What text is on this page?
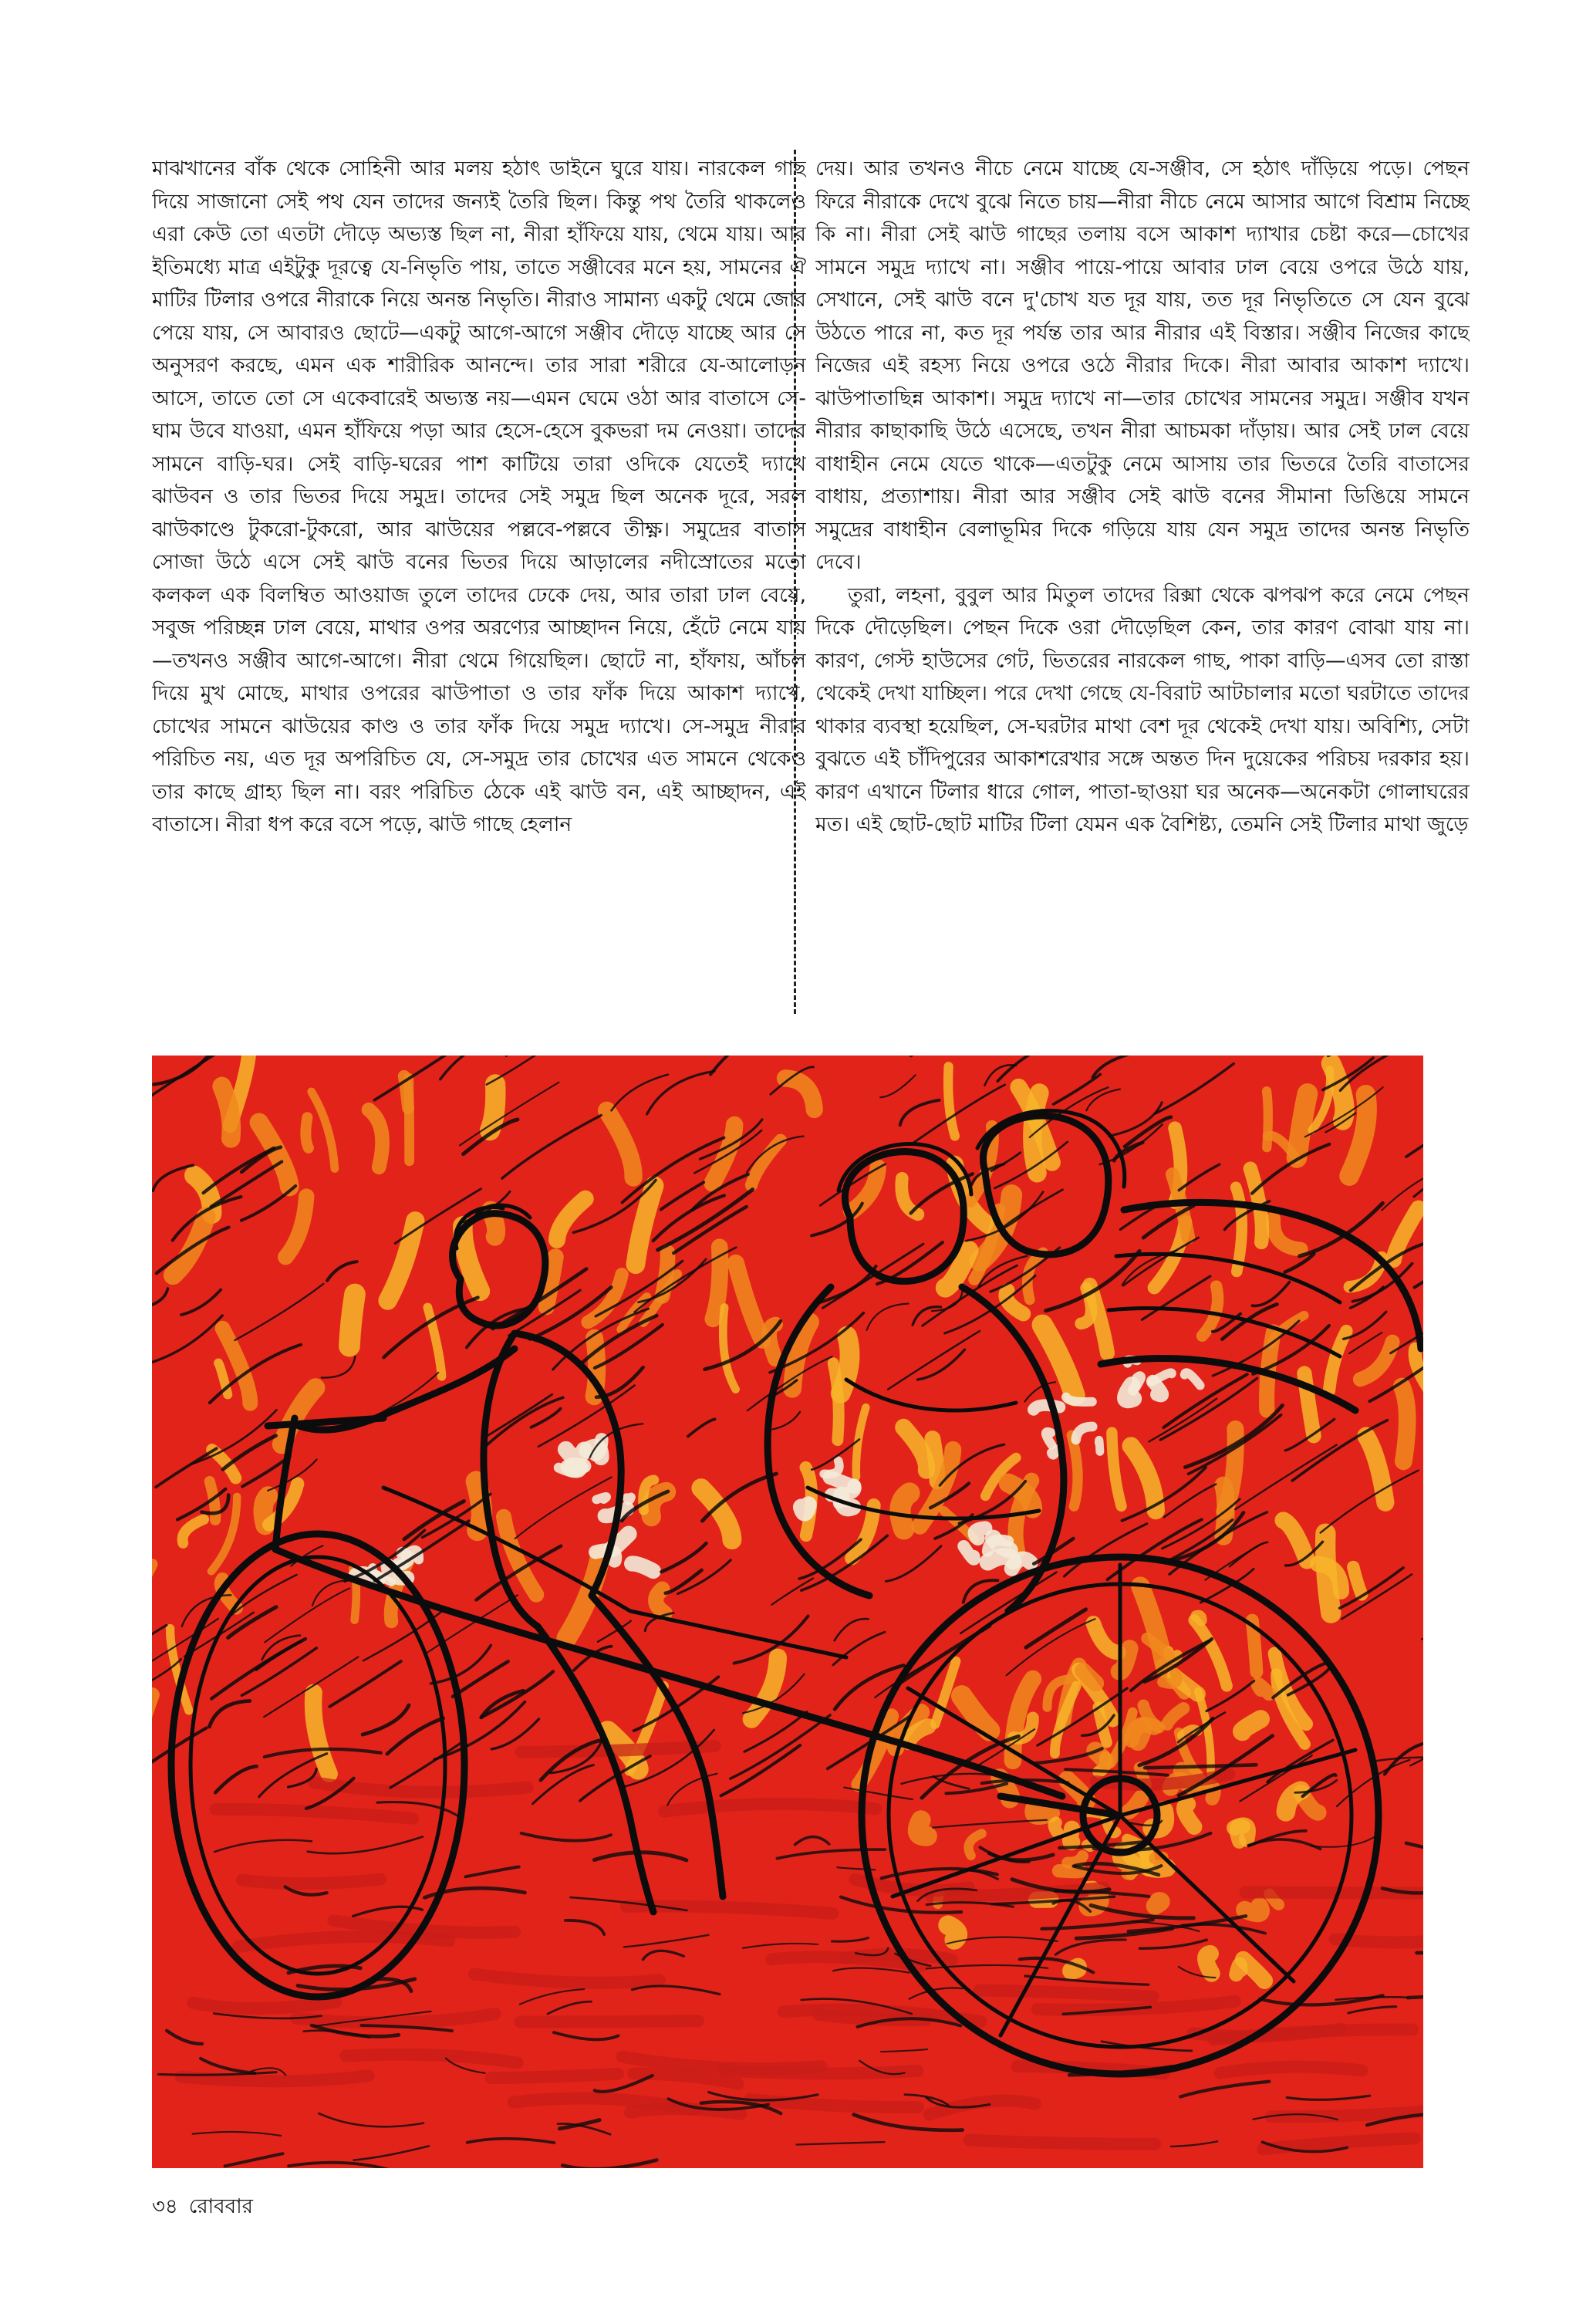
মাঝখানের বাঁক থেকে সোহিনী আর মলয় হঠাৎ ডাইনে ঘুরে যায়। নারকেল গাছ দিয়ে সাজানো সেই পথ যেন তাদের জন্যই তৈরি ছিল। কিন্তু পথ তৈরি থাকলেও এরা কেউ তো এতটা দৌড়ে অভ্যস্ত ছিল না, নীরা হাঁফিয়ে যায়, থেমে যায়। আর ইতিমধ্যে মাত্র এইটুকু দূরত্বে যে-নিভৃতি পায়, তাতে সঞ্জীবের মনে হয়, সামনের ঐ মাটির টিলার ওপরে নীরাকে নিয়ে অনন্ত নিভৃতি। নীরাও সামান্য একটু থেমে জোর পেয়ে যায়, সে আবারও ছোটে—একটু আগে-আগে সঞ্জীব দৌড়ে যাচ্ছে আর সে অনুসরণ করছে, এমন এক শারীরিক আনন্দে। তার সারা শরীরে যে-আলোড়ন আসে, তাতে তো সে একেবারেই অভ্যস্ত নয়—এমন ঘেমে ওঠা আর বাতাসে সে-ঘাম উবে যাওয়া, এমন হাঁফিয়ে পড়া আর হেসে-হেসে বুকভরা দম নেওয়া। তাদের সামনে বাড়ি-ঘর। সেই বাড়ি-ঘরের পাশ কাটিয়ে তারা ওদিকে যেতেই দ্যাখে ঝাউবন ও তার ভিতর দিয়ে সমুদ্র। তাদের সেই সমুদ্র ছিল অনেক দূরে, সরল ঝাউকাণ্ডে টুকরো-টুকরো, আর ঝাউয়ের পল্লবে-পল্লবে তীক্ষ্ণ। সমুদ্রের বাতাস সোজা উঠে এসে সেই ঝাউ বনের ভিতর দিয়ে আড়ালের নদীস্রোতের মতো কলকল এক বিলম্বিত আওয়াজ তুলে তাদের ঢেকে দেয়, আর তারা ঢাল বেয়ে, সবুজ পরিচ্ছন্ন ঢাল বেয়ে, মাথার ওপর অরণ্যের আচ্ছাদন নিয়ে, হেঁটে নেমে যায়—তখনও সঞ্জীব আগে-আগে। নীরা থেমে গিয়েছিল। ছোটে না, হাঁফায়, আঁচল দিয়ে মুখ মোছে, মাথার ওপরের ঝাউপাতা ও তার ফাঁক দিয়ে আকাশ দ্যাখে, চোখের সামনে ঝাউয়ের কাণ্ড ও তার ফাঁক দিয়ে সমুদ্র দ্যাখে। সে-সমুদ্র নীরার পরিচিত নয়, এত দূর অপরিচিত যে, সে-সমুদ্র তার চোখের এত সামনে থেকেও তার কাছে গ্রাহ্য ছিল না। বরং পরিচিত ঠেকে এই ঝাউ বন, এই আচ্ছাদন, এই বাতাসে। নীরা ধপ করে বসে পড়ে, ঝাউ গাছে হেলান

দেয়। আর তখনও নীচে নেমে যাচ্ছে যে-সঞ্জীব, সে হঠাৎ দাঁড়িয়ে পড়ে। পেছন ফিরে নীরাকে দেখে বুঝে নিতে চায়—নীরা নীচে নেমে আসার আগে বিশ্রাম নিচ্ছে কি না। নীরা সেই ঝাউ গাছের তলায় বসে আকাশ দ্যাখার চেষ্টা করে—চোখের সামনে সমুদ্র দ্যাখে না। সঞ্জীব পায়ে-পায়ে আবার ঢাল বেয়ে ওপরে উঠে যায়, সেখানে, সেই ঝাউ বনে দু'চোখ যত দূর যায়, তত দূর নিভৃতিতে সে যেন বুঝে উঠতে পারে না, কত দূর পর্যন্ত তার আর নীরার এই বিস্তার। সঞ্জীব নিজের কাছে নিজের এই রহস্য নিয়ে ওপরে ওঠে নীরার দিকে। নীরা আবার আকাশ দ্যাখে। ঝাউপাতাছিন্ন আকাশ। সমুদ্র দ্যাখে না—তার চোখের সামনের সমুদ্র। সঞ্জীব যখন নীরার কাছাকাছি উঠে এসেছে, তখন নীরা আচমকা দাঁড়ায়। আর সেই ঢাল বেয়ে বাধাহীন নেমে যেতে থাকে—এতটুকু নেমে আসায় তার ভিতরে তৈরি বাতাসের বাধায়, প্রত্যাশায়। নীরা আর সঞ্জীব সেই ঝাউ বনের সীমানা ডিঙিয়ে সামনে সমুদ্রের বাধাহীন বেলাভূমির দিকে গড়িয়ে যায় যেন সমুদ্র তাদের অনন্ত নিভৃতি দেবে।

তুরা, লহনা, বুবুল আর মিতুল তাদের রিক্সা থেকে ঝপঝপ করে নেমে পেছন দিকে দৌড়েছিল। পেছন দিকে ওরা দৌড়েছিল কেন, তার কারণ বোঝা যায় না। কারণ, গেস্ট হাউসের গেট, ভিতরের নারকেল গাছ, পাকা বাড়ি—এসব তো রাস্তা থেকেই দেখা যাচ্ছিল। পরে দেখা গেছে যে-বিরাট আটচালার মতো ঘরটাতে তাদের থাকার ব্যবস্থা হয়েছিল, সে-ঘরটার মাথা বেশ দূর থেকেই দেখা যায়। অবিশ্যি, সেটা বুঝতে এই চাঁদিপুরের আকাশরেখার সঙ্গে অন্তত দিন দুয়েকের পরিচয় দরকার হয়। কারণ এখানে টিলার ধারে গোল, পাতা-ছাওয়া ঘর অনেক—অনেকটা গোলাঘরের মত। এই ছোট-ছোট মাটির টিলা যেমন এক বৈশিষ্ট্য, তেমনি সেই টিলার মাথা জুড়ে

৩৪ রোববার
